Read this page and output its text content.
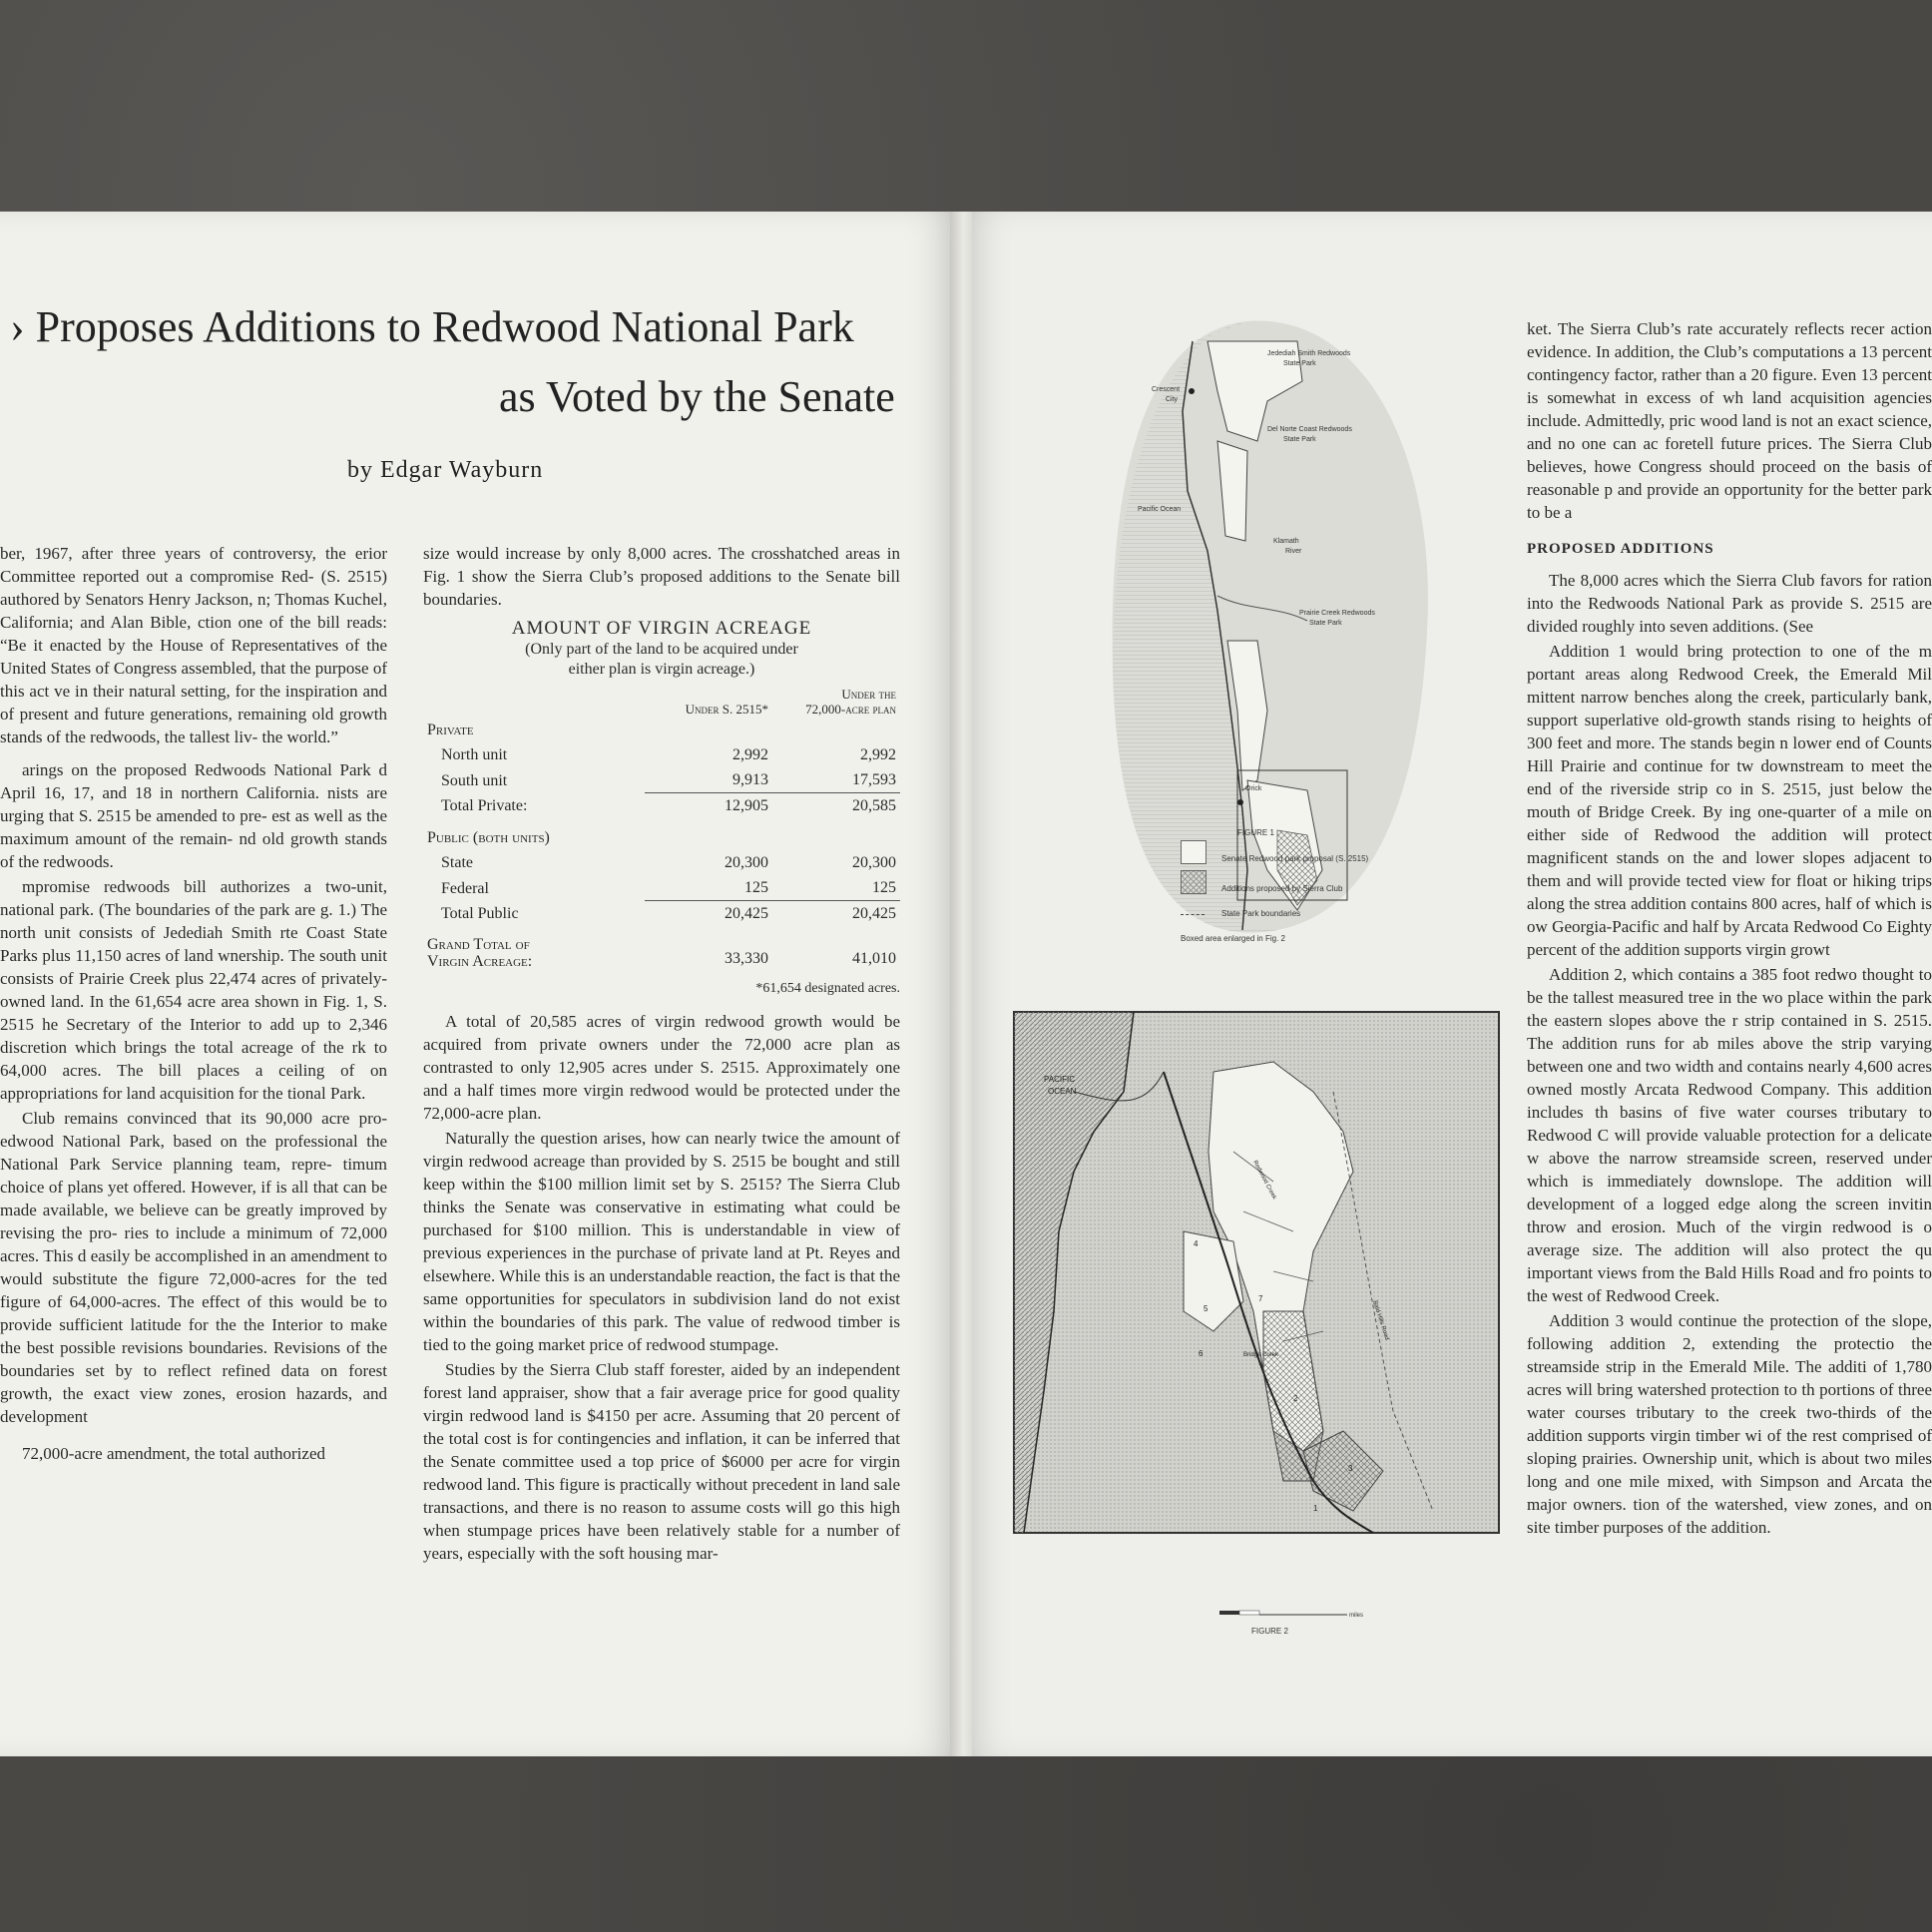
› Proposes Additions to Redwood National Park
as Voted by the Senate
by Edgar Wayburn

ber, 1967, after three years of controversy, the erior Committee reported out a compromise Red- (S. 2515) authored by Senators Henry Jackson, n; Thomas Kuchel, California; and Alan Bible, ction one of the bill reads: “Be it enacted by the House of Representatives of the United States of Congress assembled, that the purpose of this act ve in their natural setting, for the inspiration and of present and future generations, remaining old growth stands of the redwoods, the tallest liv- the world.”

arings on the proposed Redwoods National Park d April 16, 17, and 18 in northern California. nists are urging that S. 2515 be amended to pre- est as well as the maximum amount of the remain- nd old growth stands of the redwoods.

mpromise redwoods bill authorizes a two-unit, national park. (The boundaries of the park are g. 1.) The north unit consists of Jedediah Smith rte Coast State Parks plus 11,150 acres of land wnership. The south unit consists of Prairie Creek plus 22,474 acres of privately-owned land. In the 61,654 acre area shown in Fig. 1, S. 2515 he Secretary of the Interior to add up to 2,346 discretion which brings the total acreage of the rk to 64,000 acres. The bill places a ceiling of on appropriations for land acquisition for the tional Park.

Club remains convinced that its 90,000 acre pro- edwood National Park, based on the professional the National Park Service planning team, repre- timum choice of plans yet offered. However, if is all that can be made available, we believe can be greatly improved by revising the pro- ries to include a minimum of 72,000 acres. This d easily be accomplished in an amendment to would substitute the figure 72,000-acres for the ted figure of 64,000-acres. The effect of this would be to provide sufficient latitude for the the Interior to make the best possible revisions boundaries. Revisions of the boundaries set by to reflect refined data on forest growth, the exact view zones, erosion hazards, and development

72,000-acre amendment, the total authorized

size would increase by only 8,000 acres. The crosshatched areas in Fig. 1 show the Sierra Club’s proposed additions to the Senate bill boundaries.

AMOUNT OF VIRGIN ACREAGE
(Only part of the land to be acquired under
either plan is virgin acreage.)
	Under S. 2515*	Under the
72,000-acre plan

Private		
North unit	2,992	2,992
South unit	9,913	17,593
Total Private:	12,905	20,585
Public (both units)		
State	20,300	20,300
Federal	125	125
Total Public	20,425	20,425

Grand Total of
Virgin Acreage:	33,330	41,010
*61,654 designated acres.

A total of 20,585 acres of virgin redwood growth would be acquired from private owners under the 72,000 acre plan as contrasted to only 12,905 acres under S. 2515. Approximately one and a half times more virgin redwood would be protected under the 72,000-acre plan.

Naturally the question arises, how can nearly twice the amount of virgin redwood acreage than provided by S. 2515 be bought and still keep within the $100 million limit set by S. 2515? The Sierra Club thinks the Senate was conservative in estimating what could be purchased for $100 million. This is understandable in view of previous experiences in the purchase of private land at Pt. Reyes and elsewhere. While this is an understandable reaction, the fact is that the same opportunities for speculators in subdivision land do not exist within the boundaries of this park. The value of redwood timber is tied to the going market price of redwood stumpage.

Studies by the Sierra Club staff forester, aided by an independent forest land appraiser, show that a fair average price for good quality virgin redwood land is $4150 per acre. Assuming that 20 percent of the total cost is for contingencies and inflation, it can be inferred that the Senate committee used a top price of $6000 per acre for virgin redwood land. This figure is practically without precedent in land sale transactions, and there is no reason to assume costs will go this high when stumpage prices have been relatively stable for a number of years, especially with the soft housing mar-

Jedediah Smith Redwoods
State Park
Crescent
City
Del Norte Coast Redwoods
State Park
Pacific Ocean
Klamath
River
Prairie Creek Redwoods
State Park
Orick
FIGURE 1
Senate Redwood park proposal (S. 2515)
Additions proposed by Sierra Club
State Park boundaries
Boxed area enlarged in Fig. 2
PACIFIC
OCEAN
Redwood Creek
Bridge Creek
Bald Hills Road
2
3
4
5
6
7
1
miles
FIGURE 2

ket. The Sierra Club’s rate accurately reflects recer action evidence. In addition, the Club’s computations a 13 percent contingency factor, rather than a 20 figure. Even 13 percent is somewhat in excess of wh land acquisition agencies include. Admittedly, pric wood land is not an exact science, and no one can ac foretell future prices. The Sierra Club believes, howe Congress should proceed on the basis of reasonable p and provide an opportunity for the better park to be a

PROPOSED ADDITIONS

The 8,000 acres which the Sierra Club favors for ration into the Redwoods National Park as provide S. 2515 are divided roughly into seven additions. (See

Addition 1 would bring protection to one of the m portant areas along Redwood Creek, the Emerald Mil mittent narrow benches along the creek, particularly bank, support superlative old-growth stands rising to heights of 300 feet and more. The stands begin n lower end of Counts Hill Prairie and continue for tw downstream to meet the end of the riverside strip co in S. 2515, just below the mouth of Bridge Creek. By ing one-quarter of a mile on either side of Redwood the addition will protect magnificent stands on the and lower slopes adjacent to them and will provide tected view for float or hiking trips along the strea addition contains 800 acres, half of which is ow Georgia-Pacific and half by Arcata Redwood Co Eighty percent of the addition supports virgin growt

Addition 2, which contains a 385 foot redwo thought to be the tallest measured tree in the wo place within the park the eastern slopes above the r strip contained in S. 2515. The addition runs for ab miles above the strip varying between one and two width and contains nearly 4,600 acres owned mostly Arcata Redwood Company. This addition includes th basins of five water courses tributary to Redwood C will provide valuable protection for a delicate w above the narrow streamside screen, reserved under which is immediately downslope. The addition will development of a logged edge along the screen invitin throw and erosion. Much of the virgin redwood is o average size. The addition will also protect the qu important views from the Bald Hills Road and fro points to the west of Redwood Creek.

Addition 3 would continue the protection of the slope, following addition 2, extending the protectio the streamside strip in the Emerald Mile. The additi of 1,780 acres will bring watershed protection to th portions of three water courses tributary to the creek two-thirds of the addition supports virgin timber wi of the rest comprised of sloping prairies. Ownership unit, which is about two miles long and one mile mixed, with Simpson and Arcata the major owners. tion of the watershed, view zones, and on site timber purposes of the addition.
